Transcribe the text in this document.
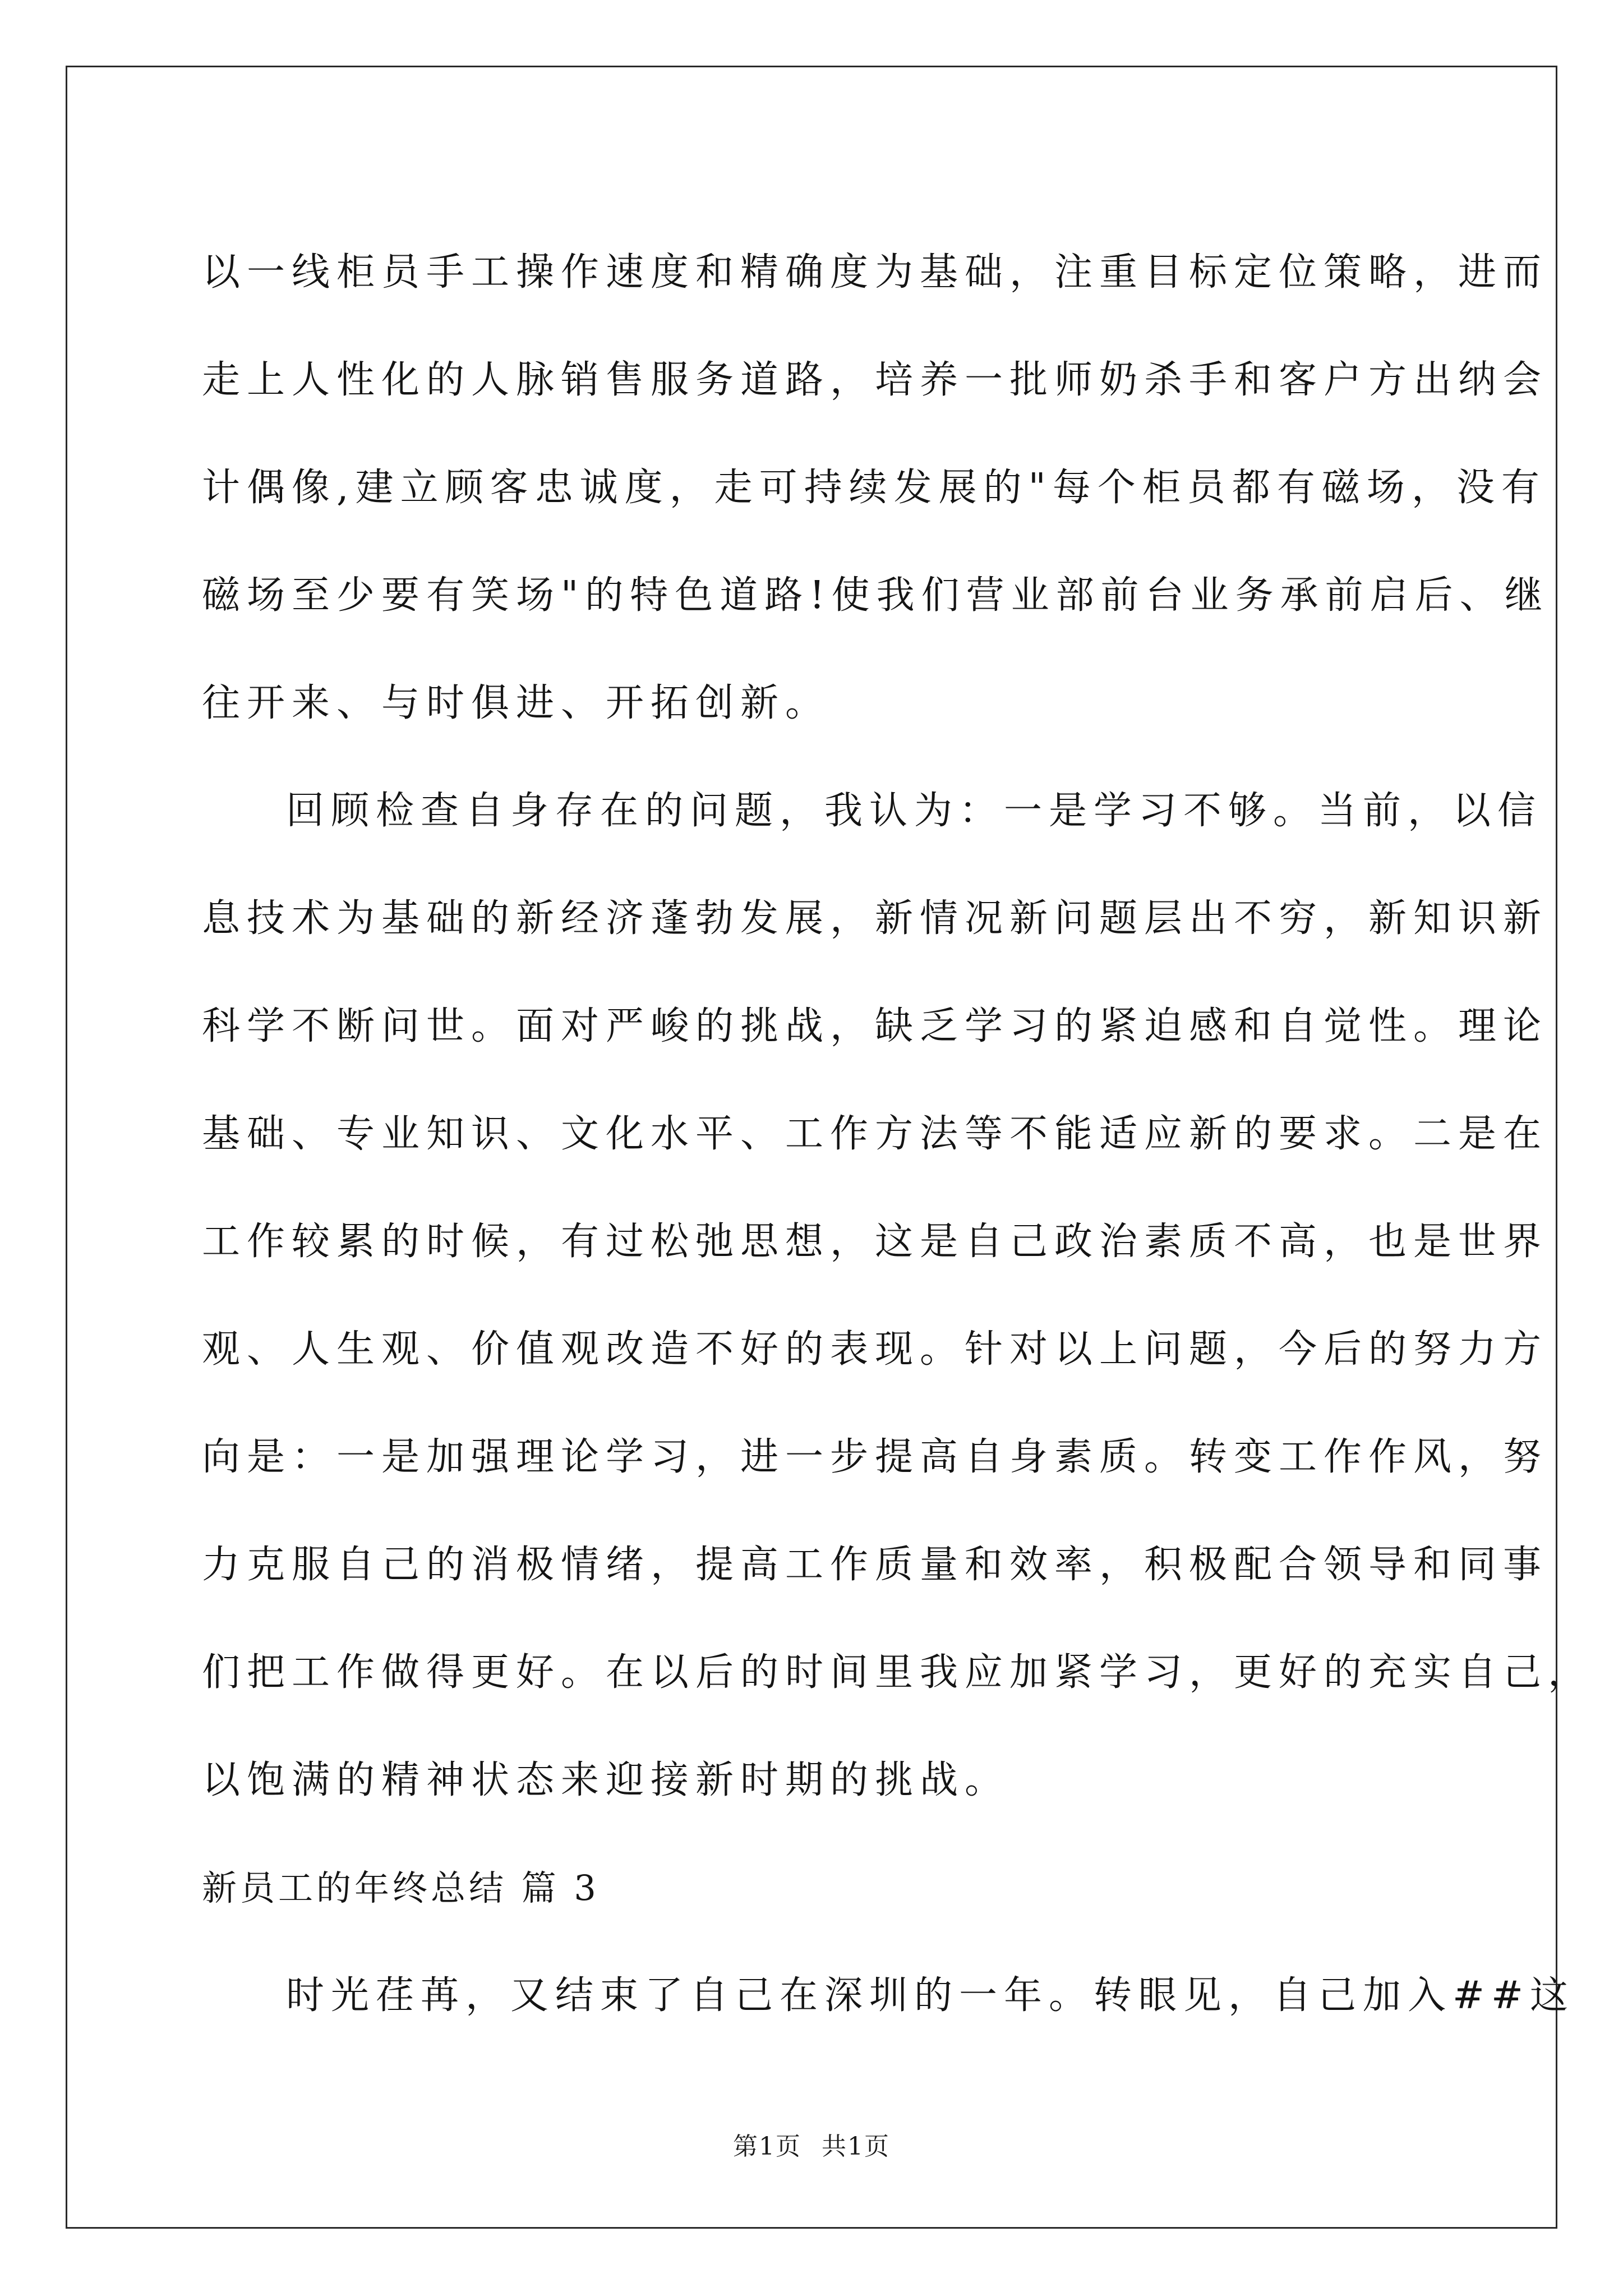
以一线柜员手工操作速度和精确度为基础，注重目标定位策略，进而
走上人性化的人脉销售服务道路，培养一批师奶杀手和客户方出纳会
计偶像,建立顾客忠诚度，走可持续发展的"每个柜员都有磁场，没有
磁场至少要有笑场"的特色道路!使我们营业部前台业务承前启后、继
往开来、与时俱进、开拓创新。
回顾检查自身存在的问题，我认为：一是学习不够。当前，以信
息技术为基础的新经济蓬勃发展，新情况新问题层出不穷，新知识新
科学不断问世。面对严峻的挑战，缺乏学习的紧迫感和自觉性。理论
基础、专业知识、文化水平、工作方法等不能适应新的要求。二是在
工作较累的时候，有过松弛思想，这是自己政治素质不高，也是世界
观、人生观、价值观改造不好的表现。针对以上问题，今后的努力方
向是：一是加强理论学习，进一步提高自身素质。转变工作作风，努
力克服自己的消极情绪，提高工作质量和效率，积极配合领导和同事
们把工作做得更好。在以后的时间里我应加紧学习，更好的充实自己，
以饱满的精神状态来迎接新时期的挑战。
新员工的年终总结 篇 3
时光荏苒，又结束了自己在深圳的一年。转眼见，自己加入##这
第1页 共1页
